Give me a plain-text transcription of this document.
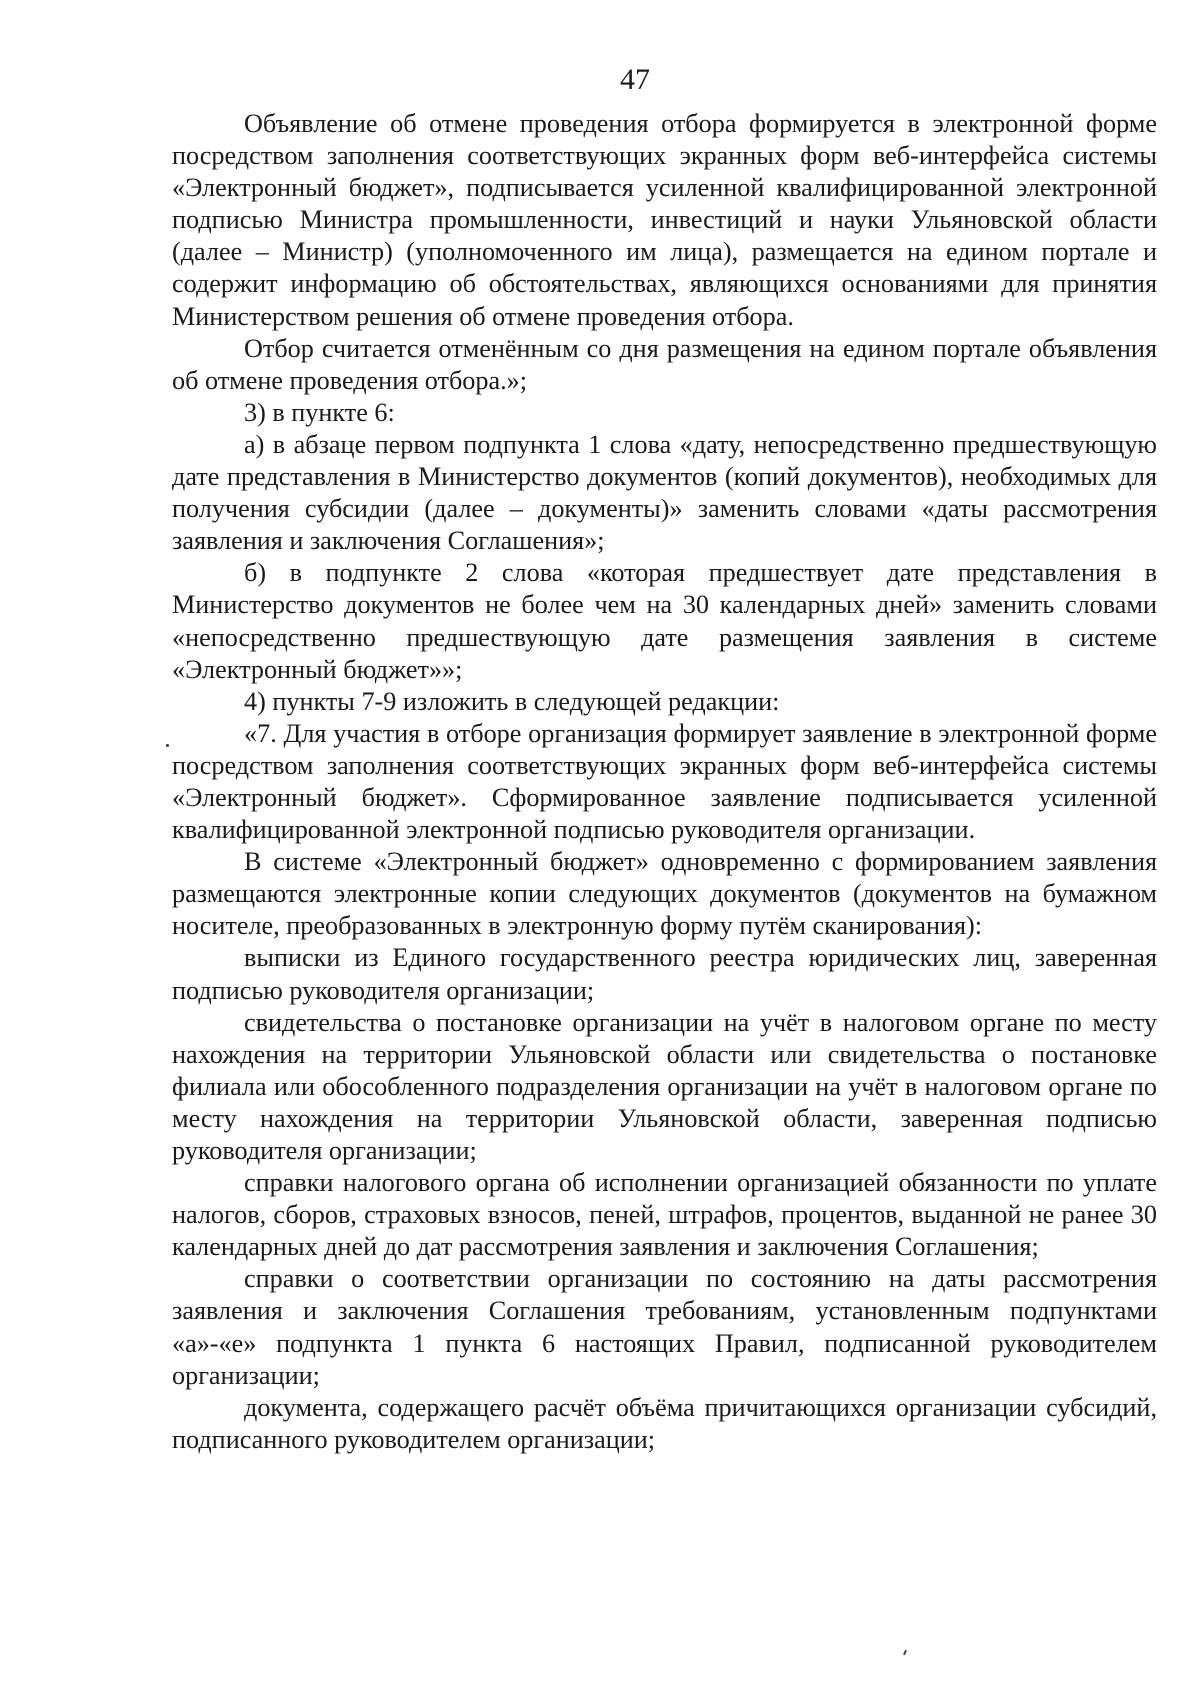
47

Объявление об отмене проведения отбора формируется в электронной форме посредством заполнения соответствующих экранных форм веб-интерфейса системы «Электронный бюджет», подписывается усиленной квалифицированной электронной подписью Министра промышленности, инвестиций и науки Ульяновской области (далее – Министр) (уполномоченного им лица), размещается на едином портале и содержит информацию об обстоятельствах, являющихся основаниями для принятия Министерством решения об отмене проведения отбора.

Отбор считается отменённым со дня размещения на едином портале объявления об отмене проведения отбора.»;

3) в пункте 6:

а) в абзаце первом подпункта 1 слова «дату, непосредственно предшествующую дате представления в Министерство документов (копий документов), необходимых для получения субсидии (далее – документы)» заменить словами «даты рассмотрения заявления и заключения Соглашения»;

б) в подпункте 2 слова «которая предшествует дате представления в Министерство документов не более чем на 30 календарных дней» заменить словами «непосредственно предшествующую дате размещения заявления в системе «Электронный бюджет»»;

4) пункты 7-9 изложить в следующей редакции:

«7. Для участия в отборе организация формирует заявление в электронной форме посредством заполнения соответствующих экранных форм веб-интерфейса системы «Электронный бюджет». Сформированное заявление подписывается усиленной квалифицированной электронной подписью руководителя организации.

В системе «Электронный бюджет» одновременно с формированием заявления размещаются электронные копии следующих документов (документов на бумажном носителе, преобразованных в электронную форму путём сканирования):

выписки из Единого государственного реестра юридических лиц, заверенная подписью руководителя организации;

свидетельства о постановке организации на учёт в налоговом органе по месту нахождения на территории Ульяновской области или свидетельства о постановке филиала или обособленного подразделения организации на учёт в налоговом органе по месту нахождения на территории Ульяновской области, заверенная подписью руководителя организации;

справки налогового органа об исполнении организацией обязанности по уплате налогов, сборов, страховых взносов, пеней, штрафов, процентов, выданной не ранее 30 календарных дней до дат рассмотрения заявления и заключения Соглашения;

справки о соответствии организации по состоянию на даты рассмотрения заявления и заключения Соглашения требованиям, установленным подпунктами «а»-«е» подпункта 1 пункта 6 настоящих Правил, подписанной руководителем организации;

документа, содержащего расчёт объёма причитающихся организации субсидий, подписанного руководителем организации;
